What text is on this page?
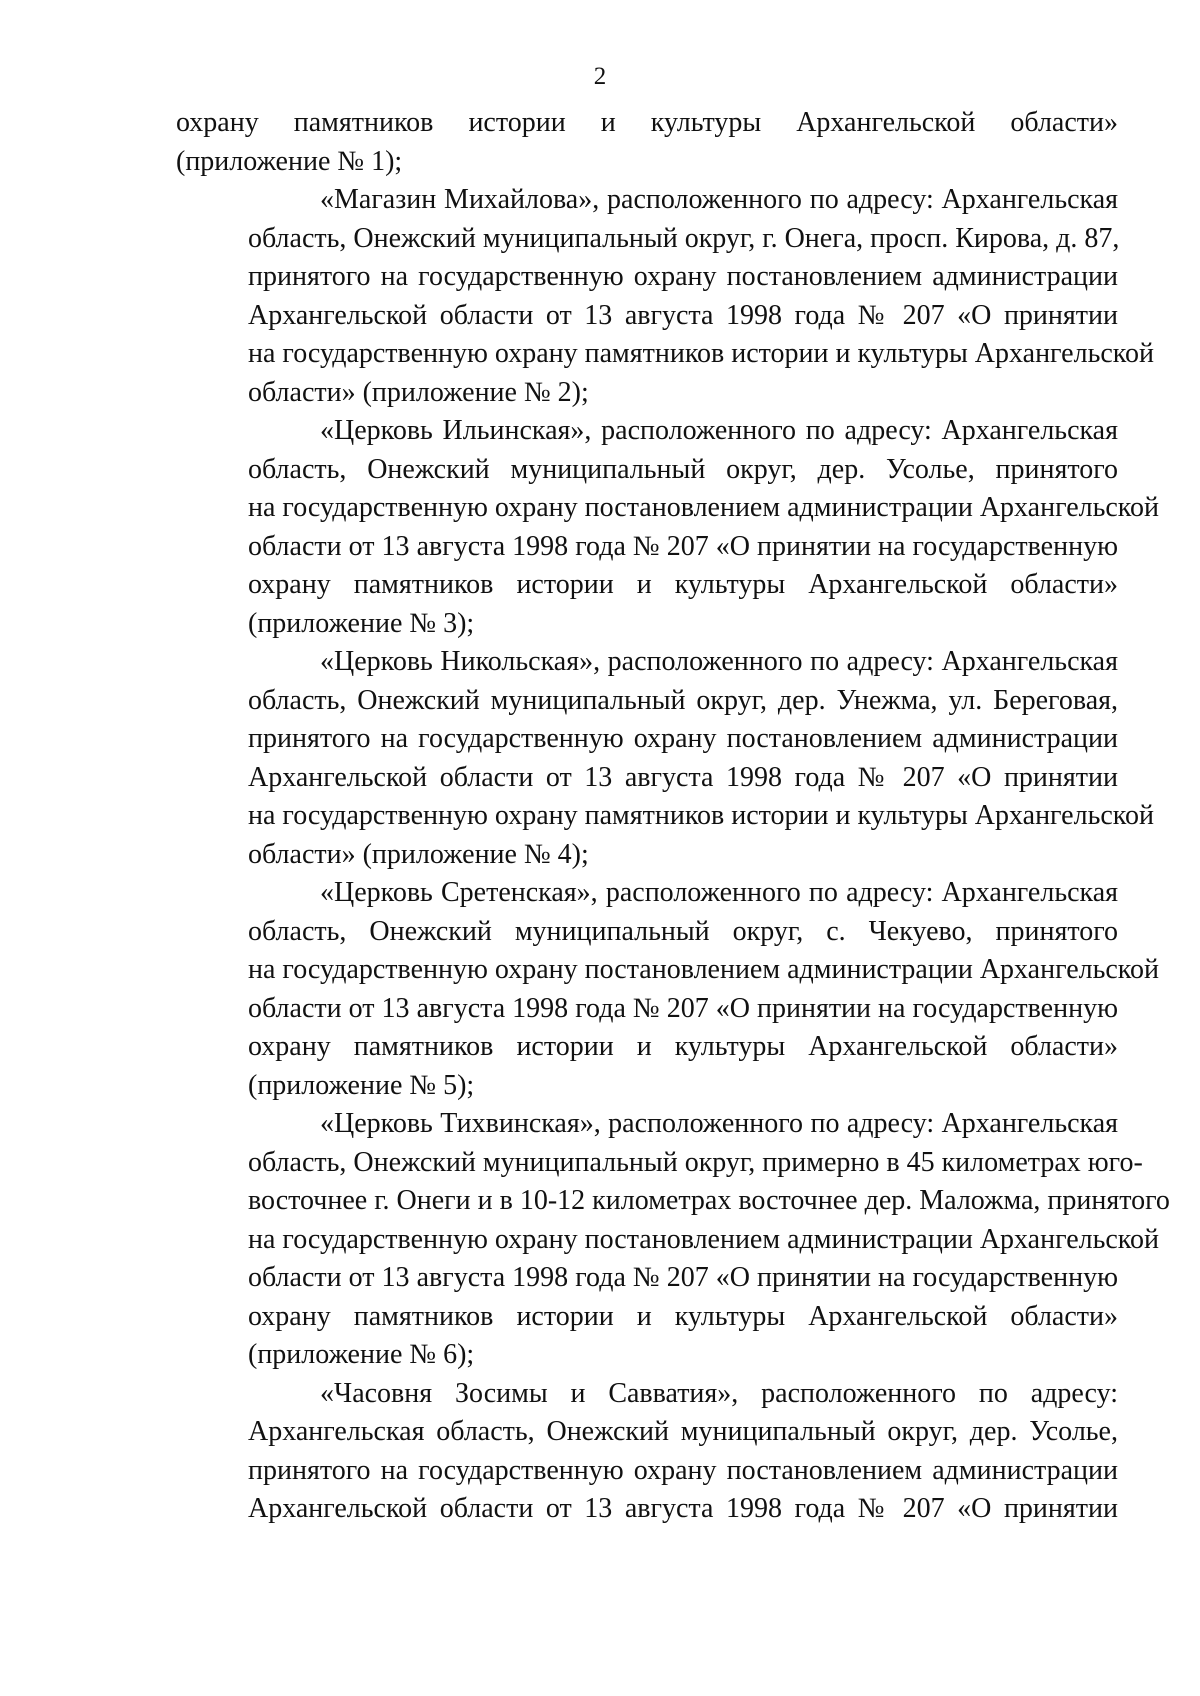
2
охрану памятников истории и культуры Архангельской области»
(приложение № 1);
«Магазин Михайлова», расположенного по адресу: Архангельская
область, Онежский муниципальный округ, г. Онега, просп. Кирова, д. 87,
принятого на государственную охрану постановлением администрации
Архангельской области от 13 августа 1998 года № 207 «О принятии
на государственную охрану памятников истории и культуры Архангельской
области» (приложение № 2);
«Церковь Ильинская», расположенного по адресу: Архангельская
область, Онежский муниципальный округ, дер. Усолье, принятого
на государственную охрану постановлением администрации Архангельской
области от 13 августа 1998 года № 207 «О принятии на государственную
охрану памятников истории и культуры Архангельской области»
(приложение № 3);
«Церковь Никольская», расположенного по адресу: Архангельская
область, Онежский муниципальный округ, дер. Унежма, ул. Береговая,
принятого на государственную охрану постановлением администрации
Архангельской области от 13 августа 1998 года № 207 «О принятии
на государственную охрану памятников истории и культуры Архангельской
области» (приложение № 4);
«Церковь Сретенская», расположенного по адресу: Архангельская
область, Онежский муниципальный округ, с. Чекуево, принятого
на государственную охрану постановлением администрации Архангельской
области от 13 августа 1998 года № 207 «О принятии на государственную
охрану памятников истории и культуры Архангельской области»
(приложение № 5);
«Церковь Тихвинская», расположенного по адресу: Архангельская
область, Онежский муниципальный округ, примерно в 45 километрах юго-
восточнее г. Онеги и в 10-12 километрах восточнее дер. Маложма, принятого
на государственную охрану постановлением администрации Архангельской
области от 13 августа 1998 года № 207 «О принятии на государственную
охрану памятников истории и культуры Архангельской области»
(приложение № 6);
«Часовня Зосимы и Савватия», расположенного по адресу:
Архангельская область, Онежский муниципальный округ, дер. Усолье,
принятого на государственную охрану постановлением администрации
Архангельской области от 13 августа 1998 года № 207 «О принятии
